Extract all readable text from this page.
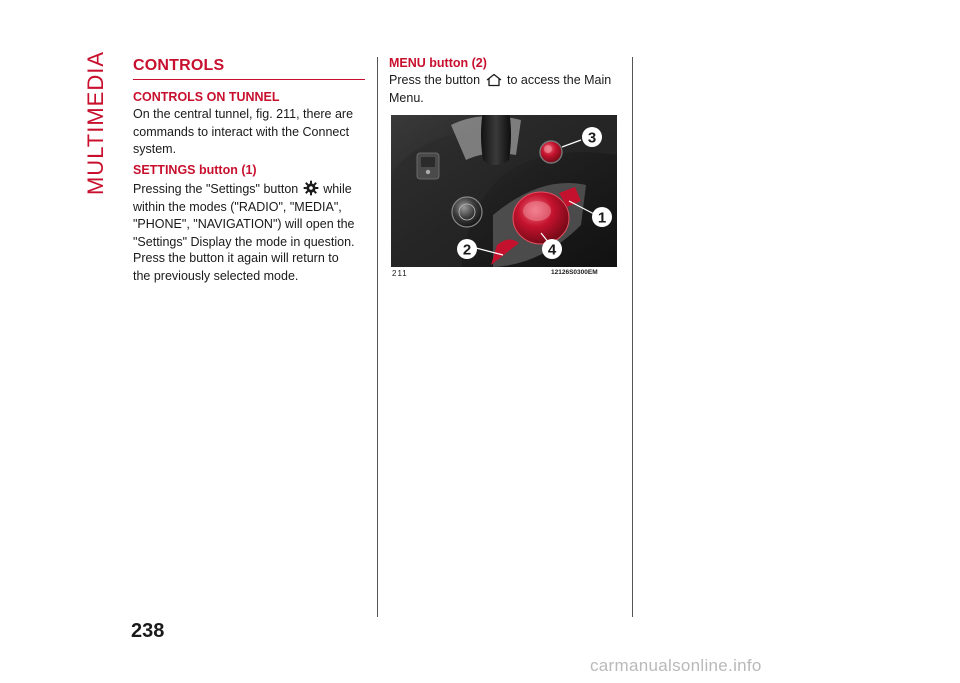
MULTIMEDIA CONTROLS
CONTROLS ON TUNNEL
On the central tunnel, fig. 211, there are
commands to interact with the Connect
system.
SETTINGS button (1)
Pressing the "Settings" button while
within the modes ("RADIO", "MEDIA",
"PHONE", "NAVIGATION") will open the
"Settings" Display the mode in question.
Press the button it again will return to
the previously selected mode.
MENU button (2)
Press the button to access the Main
Menu.
3
1
2	4
211	12126S0300EM
238
carmanualsonline.info
